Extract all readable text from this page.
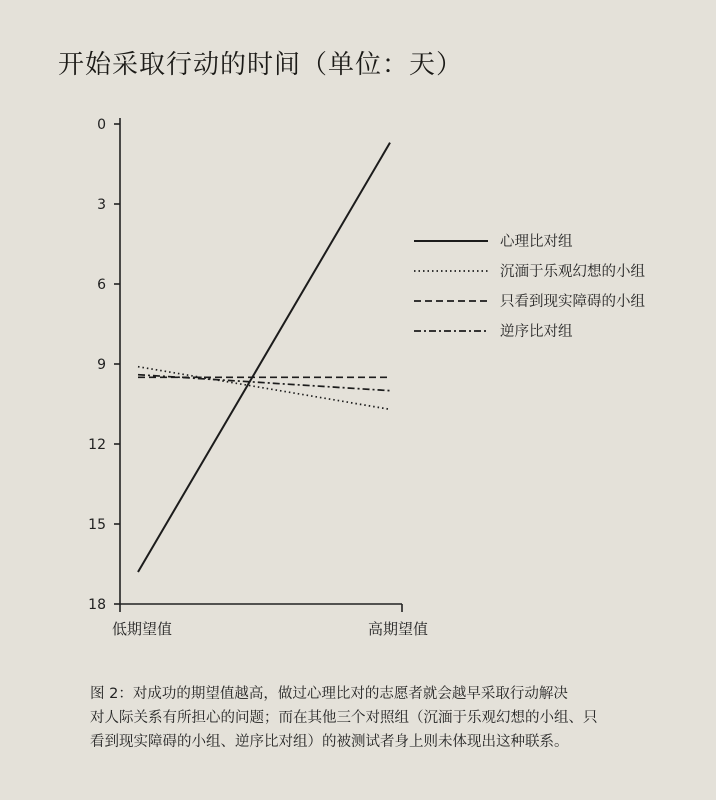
开始采取行动的时间（单位：天）
0
3
6
9
12
15
18
低期望值	高期望值
心理比对组
沉湎于乐观幻想的小组
只看到现实障碍的小组
逆序比对组
图 2：对成功的期望值越高，做过心理比对的志愿者就会越早采取行动解决
对人际关系有所担心的问题；而在其他三个对照组（沉湎于乐观幻想的小组、只
看到现实障碍的小组、逆序比对组）的被测试者身上则未体现出这种联系。
